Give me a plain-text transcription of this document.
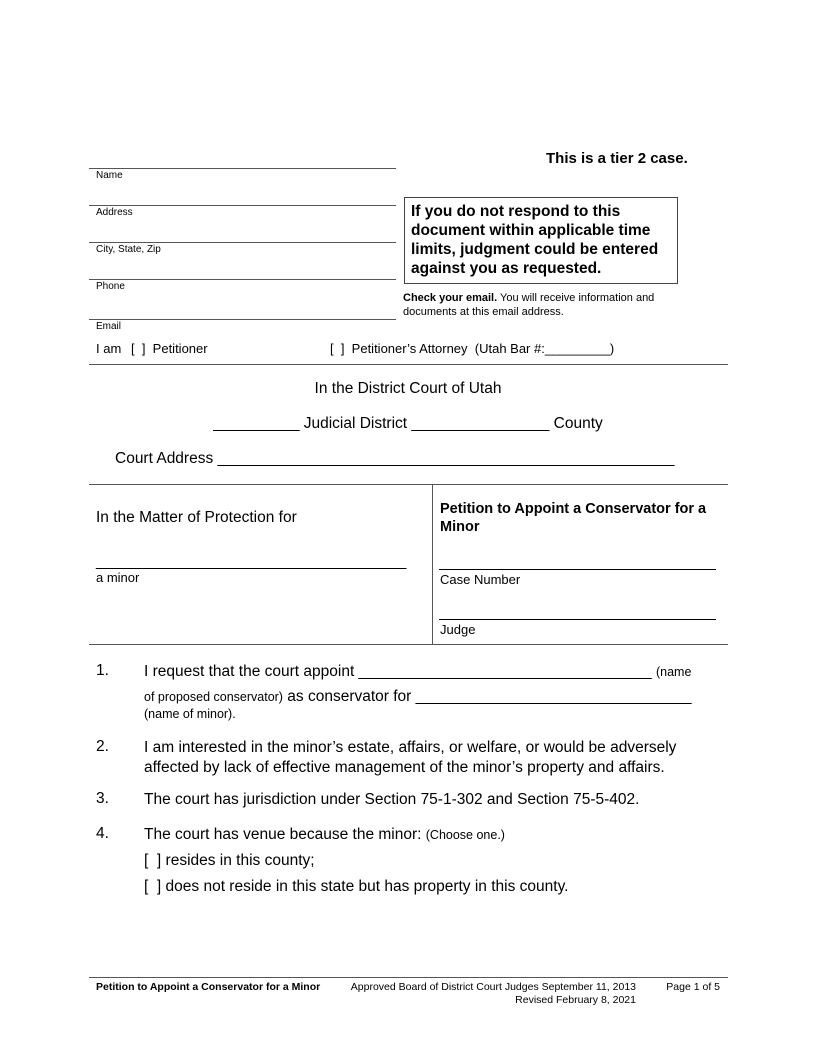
This is a tier 2 case.
Name
Address
City, State, Zip
Phone
Email
If you do not respond to this document within applicable time limits, judgment could be entered against you as requested.
Check your email. You will receive information and documents at this email address.
I am [  ]  Petitioner	[  ]  Petitioner’s Attorney  (Utah Bar #:_________)
In the District Court of Utah
__________ Judicial District ________________ County
Court Address _____________________________________________________
In the Matter of Protection for
____________________________________
a minor
Petition to Appoint a Conservator for a Minor
Case Number
Judge
1. I request that the court appoint __________________________________ (name
of proposed conservator) as conservator for ________________________________
(name of minor).
2. I am interested in the minor’s estate, affairs, or welfare, or would be adversely affected by lack of effective management of the minor’s property and affairs.
3. The court has jurisdiction under Section 75-1-302 and Section 75-5-402.
4. The court has venue because the minor: (Choose one.)
[  ] resides in this county;
[  ] does not reside in this state but has property in this county.
Petition to Appoint a Conservator for a Minor	Approved Board of District Court Judges September 11, 2013
Revised February 8, 2021
Page 1 of 5
